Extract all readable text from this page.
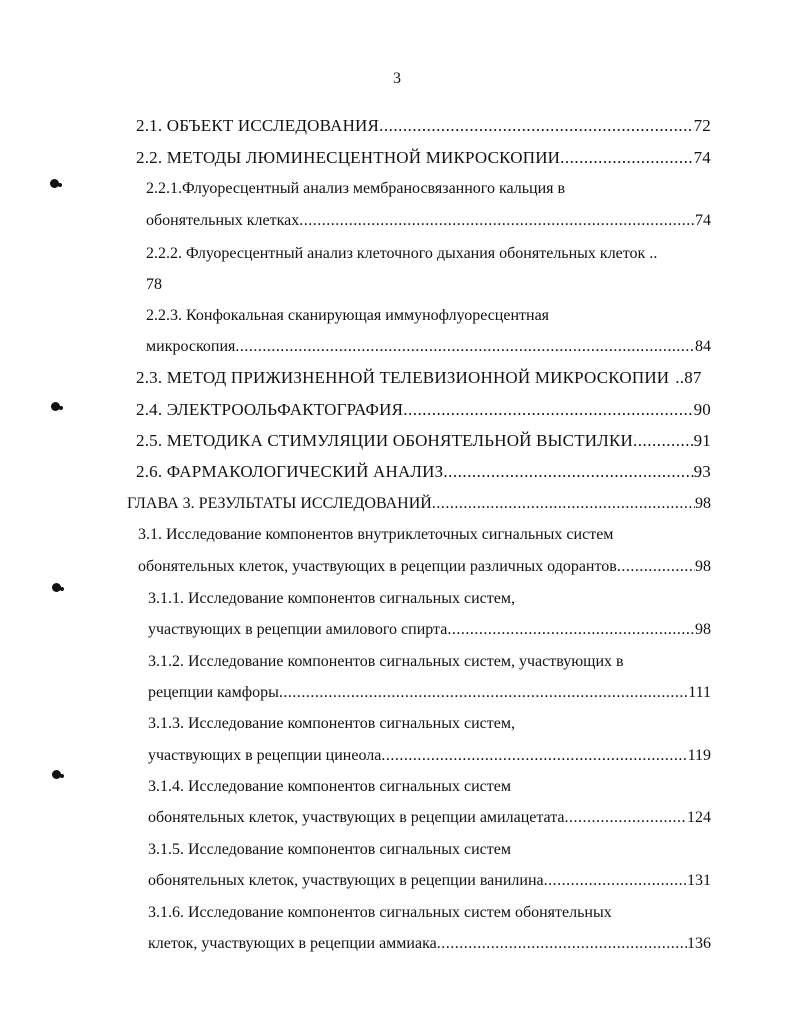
3
2.1. ОБЪЕКТ ИССЛЕДОВАНИЯ .....	72
2.2. МЕТОДЫ ЛЮМИНЕСЦЕНТНОЙ МИКРОСКОПИИ .....	74
2.2.1.Флуоресцентный анализ мембраносвязанного кальция в
обонятельных клетках .....	74
2.2.2. Флуоресцентный анализ клеточного дыхания обонятельных клеток ..
78
2.2.3. Конфокальная сканирующая иммунофлуоресцентная
микроскопия .....	84
2.3. МЕТОД ПРИЖИЗНЕННОЙ ТЕЛЕВИЗИОННОЙ МИКРОСКОПИИ .. 87
2.4. ЭЛЕКТРООЛЬФАКТОГРАФИЯ .....	90
2.5. МЕТОДИКА СТИМУЛЯЦИИ ОБОНЯТЕЛЬНОЙ ВЫСТИЛКИ .....	91
2.6. ФАРМАКОЛОГИЧЕСКИЙ АНАЛИЗ .....	93
ГЛАВА 3. РЕЗУЛЬТАТЫ ИССЛЕДОВАНИЙ .....	98
3.1. Исследование компонентов внутриклеточных сигнальных систем
обонятельных клеток, участвующих в рецепции различных одорантов .....	98
3.1.1. Исследование компонентов сигнальных систем,
участвующих в рецепции амилового спирта .....	98
3.1.2. Исследование компонентов сигнальных систем, участвующих в
рецепции камфоры .....	111
3.1.3. Исследование компонентов сигнальных систем,
участвующих в рецепции цинеола .....	119
3.1.4. Исследование компонентов сигнальных систем
обонятельных клеток, участвующих в рецепции амилацетата .....	124
3.1.5. Исследование компонентов сигнальных систем
обонятельных клеток, участвующих в рецепции ванилина .....	131
3.1.6. Исследование компонентов сигнальных систем обонятельных
клеток, участвующих в рецепции аммиака .....	136
